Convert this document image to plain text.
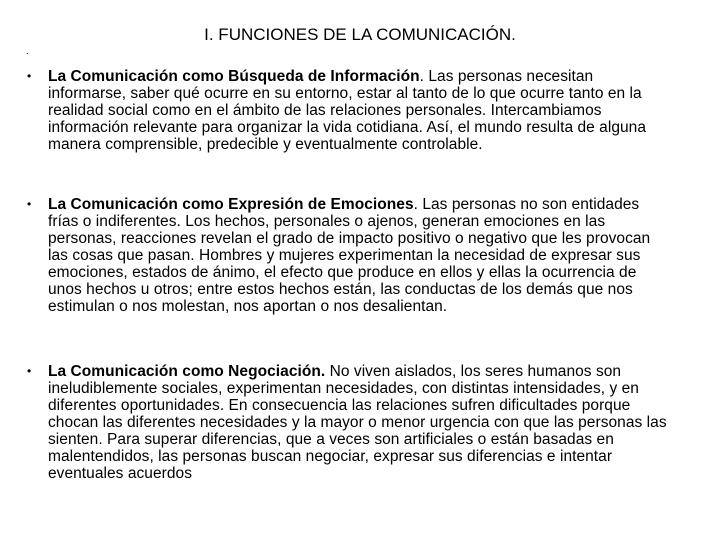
I. FUNCIONES DE LA COMUNICACIÓN.
.
• La Comunicación como Búsqueda de Información. Las personas necesitan informarse, saber qué ocurre en su entorno, estar al tanto de lo que ocurre tanto en la realidad social como en el ámbito de las relaciones personales. Intercambiamos información relevante para organizar la vida cotidiana. Así, el mundo resulta de alguna manera comprensible, predecible y eventualmente controlable.
• La Comunicación como Expresión de Emociones. Las personas no son entidades frías o indiferentes. Los hechos, personales o ajenos, generan emociones en las personas, reacciones revelan el grado de impacto positivo o negativo que les provocan las cosas que pasan. Hombres y mujeres experimentan la necesidad de expresar sus emociones, estados de ánimo, el efecto que produce en ellos y ellas la ocurrencia de unos hechos u otros; entre estos hechos están, las conductas de los demás que nos estimulan o nos molestan, nos aportan o nos desalientan.
• La Comunicación como Negociación. No viven aislados, los seres humanos son ineludiblemente sociales, experimentan necesidades, con distintas intensidades, y en diferentes oportunidades. En consecuencia las relaciones sufren dificultades porque chocan las diferentes necesidades y la mayor o menor urgencia con que las personas las sienten. Para superar diferencias, que a veces son artificiales o están basadas en malentendidos, las personas buscan negociar, expresar sus diferencias e intentar eventuales acuerdos
